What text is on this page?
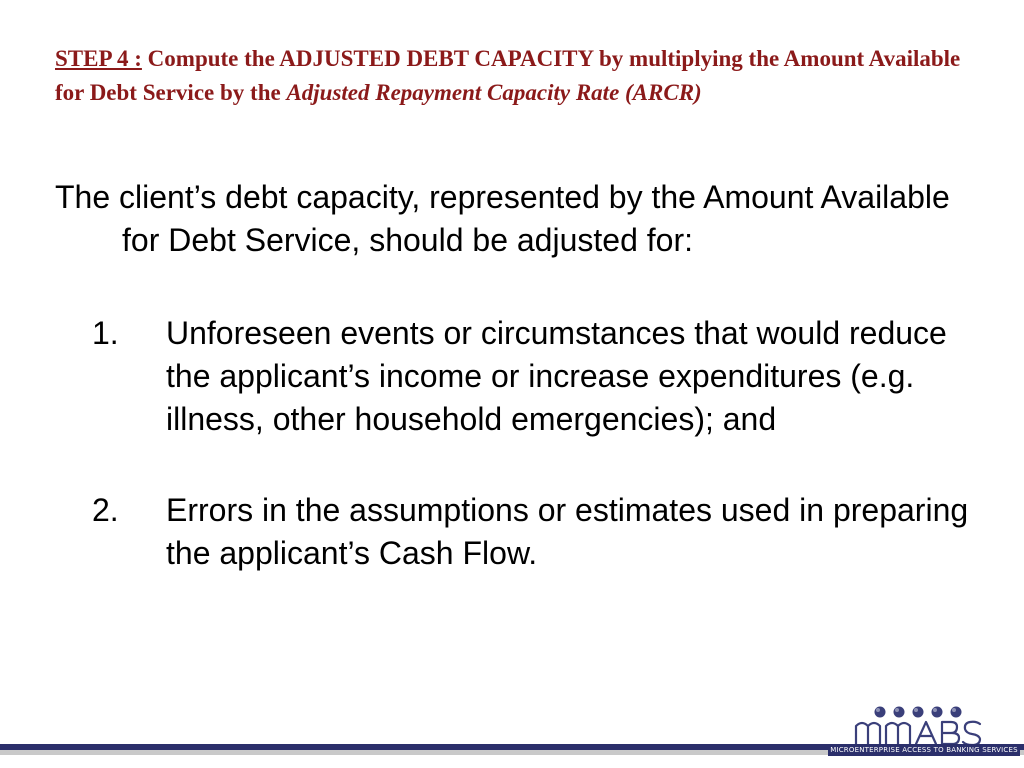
STEP 4 : Compute the ADJUSTED DEBT CAPACITY by multiplying the Amount Available for Debt Service by the Adjusted Repayment Capacity Rate (ARCR)

The client’s debt capacity, represented by the Amount Available for Debt Service, should be adjusted for:

1. Unforeseen events or circumstances that would reduce the applicant’s income or increase expenditures (e.g. illness, other household emergencies); and
2. Errors in the assumptions or estimates used in preparing the applicant’s Cash Flow.
MICROENTERPRISE ACCESS TO BANKING SERVICES
